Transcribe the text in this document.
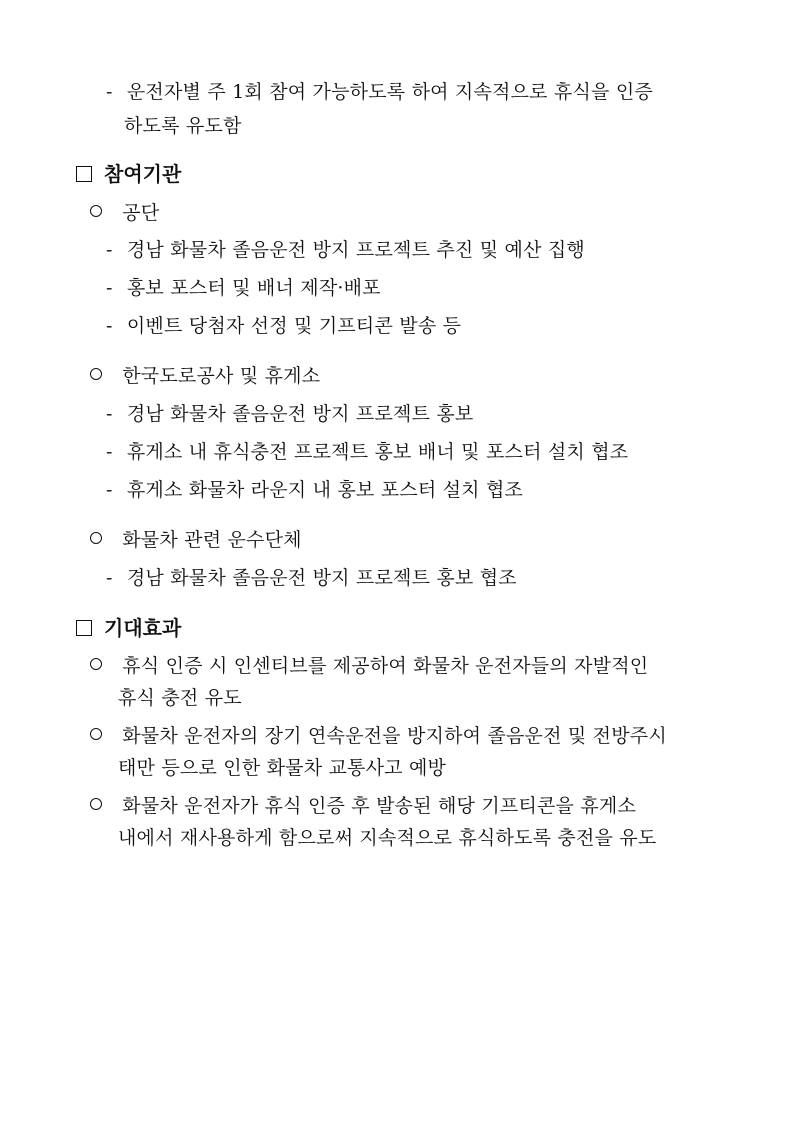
- 운전자별 주 1회 참여 가능하도록 하여 지속적으로 휴식을 인증
하도록 유도함
참여기관
공단
- 경남 화물차 졸음운전 방지 프로젝트 추진 및 예산 집행
- 홍보 포스터 및 배너 제작·배포
- 이벤트 당첨자 선정 및 기프티콘 발송 등
한국도로공사 및 휴게소
- 경남 화물차 졸음운전 방지 프로젝트 홍보
- 휴게소 내 휴식충전 프로젝트 홍보 배너 및 포스터 설치 협조
- 휴게소 화물차 라운지 내 홍보 포스터 설치 협조
화물차 관련 운수단체
- 경남 화물차 졸음운전 방지 프로젝트 홍보 협조
기대효과
휴식 인증 시 인센티브를 제공하여 화물차 운전자들의 자발적인
휴식 충전 유도
화물차 운전자의 장기 연속운전을 방지하여 졸음운전 및 전방주시
태만 등으로 인한 화물차 교통사고 예방
화물차 운전자가 휴식 인증 후 발송된 해당 기프티콘을 휴게소
내에서 재사용하게 함으로써 지속적으로 휴식하도록 충전을 유도
